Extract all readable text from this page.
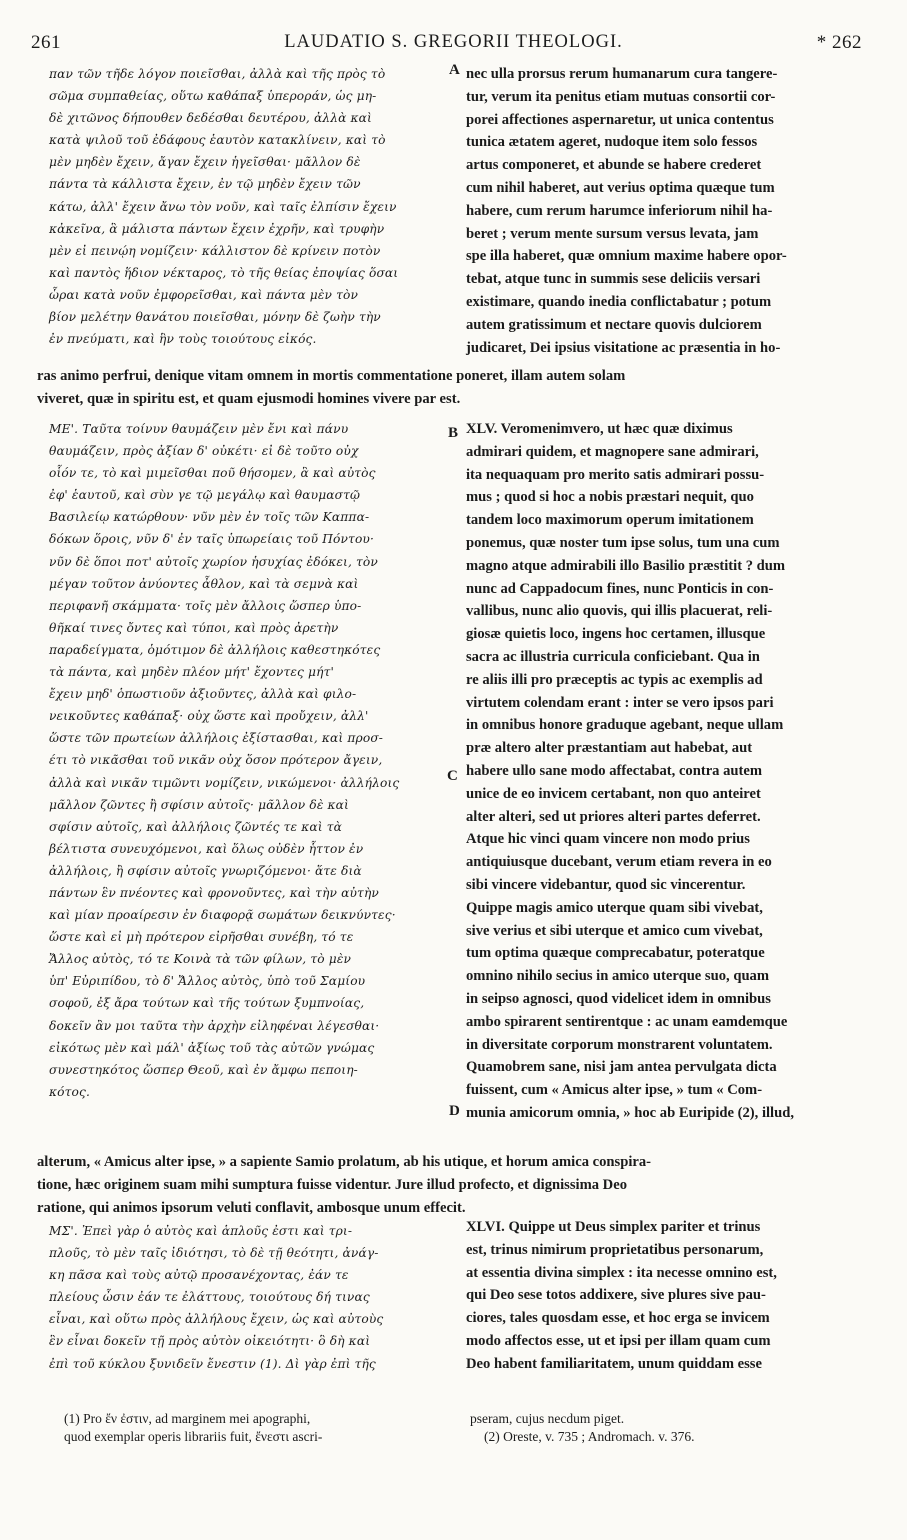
261	LAUDATIO S. GREGORII THEOLOGI.	* 262
A
B
C
D
παν τῶν τῆδε λόγον ποιεῖσθαι, ἀλλὰ καὶ τῆς πρὸς τὸ
σῶμα συμπαθείας, οὕτω καθάπαξ ὑπεροράν, ὡς μη-
δὲ χιτῶνος δήπουθεν δεδέσθαι δευτέρου, ἀλλὰ καὶ
κατὰ ψιλοῦ τοῦ ἐδάφους ἑαυτὸν κατακλίνειν, καὶ τὸ
μὲν μηδὲν ἔχειν, ἄγαν ἔχειν ἡγεῖσθαι· μᾶλλον δὲ
πάντα τὰ κάλλιστα ἔχειν, ἐν τῷ μηδὲν ἔχειν τῶν
κάτω, ἀλλ' ἔχειν ἄνω τὸν νοῦν, καὶ ταῖς ἐλπίσιν ἔχειν
κἀκεῖνα, ἃ μάλιστα πάντων ἔχειν ἐχρῆν, καὶ τρυφὴν
μὲν εἰ πεινῴη νομίζειν· κάλλιστον δὲ κρίνειν ποτὸν
καὶ παντὸς ἥδιον νέκταρος, τὸ τῆς θείας ἐποψίας ὅσαι
ὧραι κατὰ νοῦν ἐμφορεῖσθαι, καὶ πάντα μὲν τὸν
βίον μελέτην θανάτου ποιεῖσθαι, μόνην δὲ ζωὴν τὴν
ἐν πνεύματι, καὶ ἣν τοὺς τοιούτους εἰκός.
nec ulla prorsus rerum humanarum cura tangere-
tur, verum ita penitus etiam mutuas consortii cor-
porei affectiones aspernaretur, ut unica contentus
tunica ætatem ageret, nudoque item solo fessos
artus componeret, et abunde se habere crederet
cum nihil haberet, aut verius optima quæque tum
habere, cum rerum harumce inferiorum nihil ha-
beret ; verum mente sursum versus levata, jam
spe illa haberet, quæ omnium maxime habere opor-
tebat, atque tunc in summis sese deliciis versari
existimare, quando inedia conflictabatur ; potum
autem gratissimum et nectare quovis dulciorem
judicaret, Dei ipsius visitatione ac præsentia in ho-
ras animo perfrui, denique vitam omnem in mortis commentatione poneret, illam autem solam
viveret, quæ in spiritu est, et quam ejusmodi homines vivere par est.
ΜΕ'. Ταῦτα τοίνυν θαυμάζειν μὲν ἔνι καὶ πάνυ
θαυμάζειν, πρὸς ἀξίαν δ' οὐκέτι· εἰ δὲ τοῦτο οὐχ
οἷόν τε, τὸ καὶ μιμεῖσθαι ποῦ θήσομεν, ἃ καὶ αὐτὸς
ἐφ' ἑαυτοῦ, καὶ σὺν γε τῷ μεγάλῳ καὶ θαυμαστῷ
Βασιλείῳ κατώρθουν· νῦν μὲν ἐν τοῖς τῶν Καππα-
δόκων ὅροις, νῦν δ' ἐν ταῖς ὑπωρείαις τοῦ Πόντου·
νῦν δὲ ὅποι ποτ' αὐτοῖς χωρίον ἡσυχίας ἐδόκει, τὸν
μέγαν τοῦτον ἀνύοντες ἆθλον, καὶ τὰ σεμνὰ καὶ
περιφανῆ σκάμματα· τοῖς μὲν ἄλλοις ὥσπερ ὑπο-
θῆκαί τινες ὄντες καὶ τύποι, καὶ πρὸς ἀρετὴν
παραδείγματα, ὁμότιμον δὲ ἀλλήλοις καθεστηκότες
τὰ πάντα, καὶ μηδὲν πλέον μήτ' ἔχοντες μήτ'
ἔχειν μηδ' ὁπωστιοῦν ἀξιοῦντες, ἀλλὰ καὶ φιλο-
νεικοῦντες καθάπαξ· οὐχ ὥστε καὶ προὔχειν, ἀλλ'
ὥστε τῶν πρωτείων ἀλλήλοις ἐξίστασθαι, καὶ προσ-
έτι τὸ νικᾶσθαι τοῦ νικᾶν οὐχ ὅσον πρότερον ἄγειν,
ἀλλὰ καὶ νικᾶν τιμῶντι νομίζειν, νικώμενοι· ἀλλήλοις
μᾶλλον ζῶντες ἢ σφίσιν αὐτοῖς· μᾶλλον δὲ καὶ
σφίσιν αὐτοῖς, καὶ ἀλλήλοις ζῶντές τε καὶ τὰ
βέλτιστα συνευχόμενοι, καὶ ὅλως οὐδὲν ἧττον ἐν
ἀλλήλοις, ἢ σφίσιν αὐτοῖς γνωριζόμενοι· ἅτε διὰ
πάντων ἓν πνέοντες καὶ φρονοῦντες, καὶ τὴν αὐτὴν
καὶ μίαν προαίρεσιν ἐν διαφορᾷ σωμάτων δεικνύντες·
ὥστε καὶ εἰ μὴ πρότερον εἰρῆσθαι συνέβη, τό τε
Ἄλλος αὐτὸς, τό τε Κοινὰ τὰ τῶν φίλων, τὸ μὲν
ὑπ' Εὐριπίδου, τὸ δ' Ἄλλος αὐτὸς, ὑπὸ τοῦ Σαμίου
σοφοῦ, ἐξ ἄρα τούτων καὶ τῆς τούτων ξυμπνοίας,
δοκεῖν ἂν μοι ταῦτα τὴν ἀρχὴν εἰληφέναι λέγεσθαι·
εἰκότως μὲν καὶ μάλ' ἀξίως τοῦ τὰς αὐτῶν γνώμας
συνεστηκότος ὥσπερ Θεοῦ, καὶ ἐν ἄμφω πεποιη-
κότος.
XLV. Veromenimvero, ut hæc quæ diximus
admirari quidem, et magnopere sane admirari,
ita nequaquam pro merito satis admirari possu-
mus ; quod si hoc a nobis præstari nequit, quo
tandem loco maximorum operum imitationem
ponemus, quæ noster tum ipse solus, tum una cum
magno atque admirabili illo Basilio præstitit ? dum
nunc ad Cappadocum fines, nunc Ponticis in con-
vallibus, nunc alio quovis, qui illis placuerat, reli-
giosæ quietis loco, ingens hoc certamen, illusque
sacra ac illustria curricula conficiebant. Qua in
re aliis illi pro præceptis ac typis ac exemplis ad
virtutem colendam erant : inter se vero ipsos pari
in omnibus honore graduque agebant, neque ullam
præ altero alter præstantiam aut habebat, aut
habere ullo sane modo affectabat, contra autem
unice de eo invicem certabant, non quo anteiret
alter alteri, sed ut priores alteri partes deferret.
Atque hic vinci quam vincere non modo prius
antiquiusque ducebant, verum etiam revera in eo
sibi vincere videbantur, quod sic vincerentur.
Quippe magis amico uterque quam sibi vivebat,
sive verius et sibi uterque et amico cum vivebat,
tum optima quæque comprecabatur, poteratque
omnino nihilo secius in amico uterque suo, quam
in seipso agnosci, quod videlicet idem in omnibus
ambo spirarent sentirentque : ac unam eamdemque
in diversitate corporum monstrarent voluntatem.
Quamobrem sane, nisi jam antea pervulgata dicta
fuissent, cum « Amicus alter ipse, » tum « Com-
munia amicorum omnia, » hoc ab Euripide (2), illud,
alterum, « Amicus alter ipse, » a sapiente Samio prolatum, ab his utique, et horum amica conspira-
tione, hæc originem suam mihi sumptura fuisse videntur. Jure illud profecto, et dignissima Deo
ratione, qui animos ipsorum veluti conflavit, ambosque unum effecit.
ΜΣ'. Ἐπεὶ γὰρ ὁ αὐτὸς καὶ ἁπλοῦς ἐστι καὶ τρι-
πλοῦς, τὸ μὲν ταῖς ἰδιότησι, τὸ δὲ τῇ θεότητι, ἀνάγ-
κη πᾶσα καὶ τοὺς αὐτῷ προσανέχοντας, ἐάν τε
πλείους ὦσιν ἐάν τε ἐλάττους, τοιούτους δή τινας
εἶναι, καὶ οὕτω πρὸς ἀλλήλους ἔχειν, ὡς καὶ αὐτοὺς
ἓν εἶναι δοκεῖν τῇ πρὸς αὐτὸν οἰκειότητι· ὃ δὴ καὶ
ἐπὶ τοῦ κύκλου ξυνιδεῖν ἔνεστιν (1). Δὶ γὰρ ἐπὶ τῆς
XLVI. Quippe ut Deus simplex pariter et trinus
est, trinus nimirum proprietatibus personarum,
at essentia divina simplex : ita necesse omnino est,
qui Deo sese totos addixere, sive plures sive pau-
ciores, tales quosdam esse, et hoc erga se invicem
modo affectos esse, ut et ipsi per illam quam cum
Deo habent familiaritatem, unum quiddam esse
(1) Pro ἔν ἐστιν, ad marginem mei apographi,
quod exemplar operis librariis fuit, ἔνεστι ascri-
pseram, cujus necdum piget.
(2) Oreste, v. 735 ; Andromach. v. 376.
